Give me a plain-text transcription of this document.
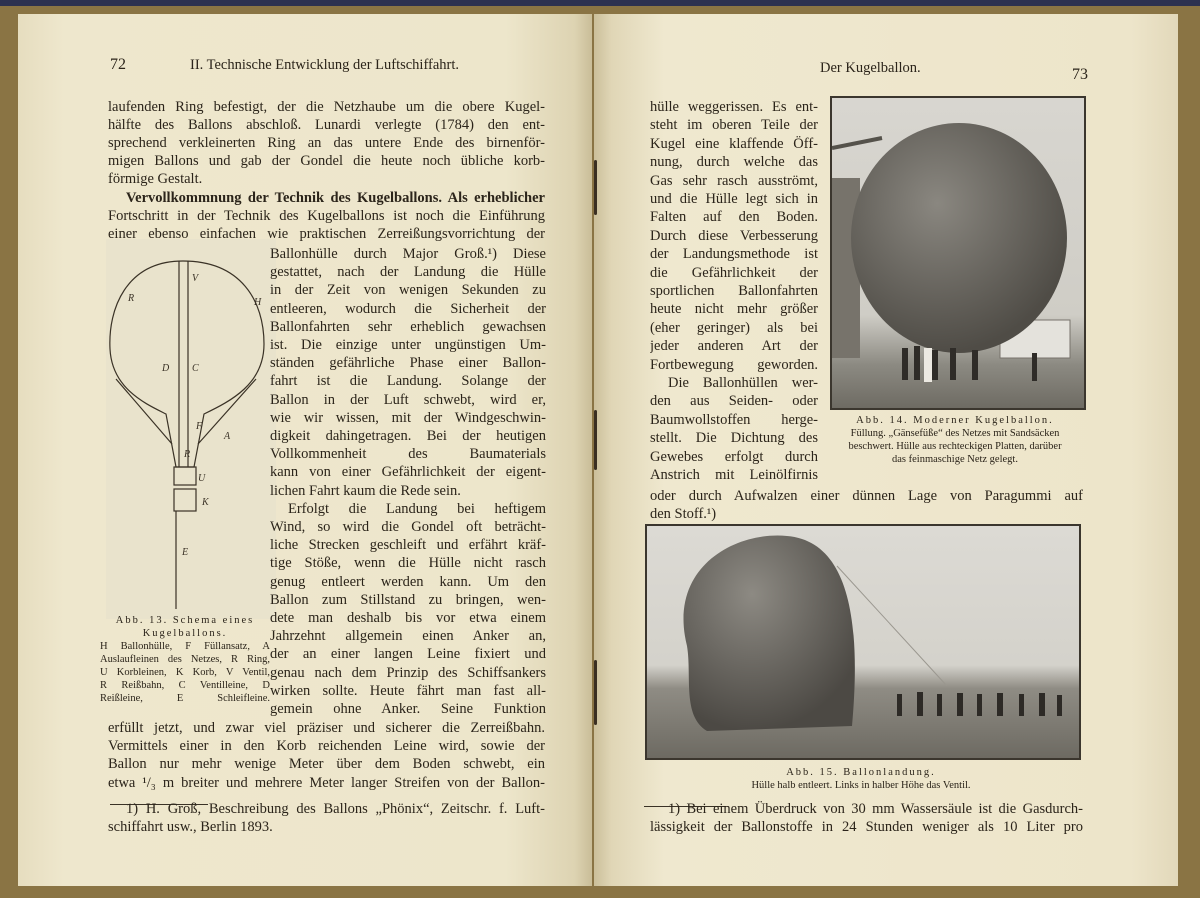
72	II. Technische Entwicklung der Luftschiffahrt.
V
R	H
D C
F
A
R
U
K
E
Abb. 13. Schema eines Kugelballons.
H Ballonhülle, F Füllansatz, A
Auslaufleinen des Netzes, R Ring,
U Korbleinen, K Korb, V Ventil,
R Reißbahn, C Ventilleine, D
Reißleine, E Schleifleine.
laufenden Ring befestigt, der die Netzhaube um die obere Kugel-
hälfte des Ballons abschloß. Lunardi verlegte (1784) den ent-
sprechend verkleinerten Ring an das untere Ende des birnenför-
migen Ballons und gab der Gondel die heute noch übliche korb-
förmige Gestalt.
Vervollkommnung der Technik des Kugelballons. Als erheblicher
Fortschritt in der Technik des Kugelballons ist noch die Einführung
einer ebenso einfachen wie praktischen Zerreißungsvorrichtung der
Ballonhülle durch Major Groß.¹) Diese
gestattet, nach der Landung die Hülle
in der Zeit von wenigen Sekunden zu
entleeren, wodurch die Sicherheit der
Ballonfahrten sehr erheblich gewachsen
ist. Die einzige unter ungünstigen Um-
ständen gefährliche Phase einer Ballon-
fahrt ist die Landung. Solange der
Ballon in der Luft schwebt, wird er,
wie wir wissen, mit der Windgeschwin-
digkeit dahingetragen. Bei der heutigen
Vollkommenheit des Baumaterials
kann von einer Gefährlichkeit der eigent-
lichen Fahrt kaum die Rede sein.
Erfolgt die Landung bei heftigem
Wind, so wird die Gondel oft beträcht-
liche Strecken geschleift und erfährt kräf-
tige Stöße, wenn die Hülle nicht rasch
genug entleert werden kann. Um den
Ballon zum Stillstand zu bringen, wen-
dete man deshalb bis vor etwa einem
Jahrzehnt allgemein einen Anker an,
der an einer langen Leine fixiert und
genau nach dem Prinzip des Schiffsankers
wirken sollte. Heute fährt man fast all-
gemein ohne Anker. Seine Funktion
erfüllt jetzt, und zwar viel präziser und sicherer die Zerreißbahn.
Vermittels einer in den Korb reichenden Leine wird, sowie der
Ballon nur mehr wenige Meter über dem Boden schwebt, ein
etwa ¹/₃ m breiter und mehrere Meter langer Streifen von der Ballon-
1) H. Groß, Beschreibung des Ballons „Phönix“, Zeitschr. f. Luft-
schiffahrt usw., Berlin 1893.
Der Kugelballon.	73
Abb. 14. Moderner Kugelballon.
Füllung. „Gänsefüße“ des Netzes mit Sandsäcken
beschwert. Hülle aus rechteckigen Platten, darüber
das feinmaschige Netz gelegt.
Abb. 15. Ballonlandung.
Hülle halb entleert. Links in halber Höhe das Ventil.
hülle weggerissen. Es ent-
steht im oberen Teile der
Kugel eine klaffende Öff-
nung, durch welche das
Gas sehr rasch ausströmt,
und die Hülle legt sich in
Falten auf den Boden.
Durch diese Verbesserung
der Landungsmethode ist
die Gefährlichkeit der
sportlichen Ballonfahrten
heute nicht mehr größer
(eher geringer) als bei
jeder anderen Art der
Fortbewegung geworden.
Die Ballonhüllen wer-
den aus Seiden- oder
Baumwollstoffen herge-
stellt. Die Dichtung des
Gewebes erfolgt durch
Anstrich mit Leinölfirnis
oder durch Aufwalzen einer dünnen Lage von Paragummi auf
den Stoff.¹)
1) Bei einem Überdruck von 30 mm Wassersäule ist die Gasdurch-
lässigkeit der Ballonstoffe in 24 Stunden weniger als 10 Liter pro
